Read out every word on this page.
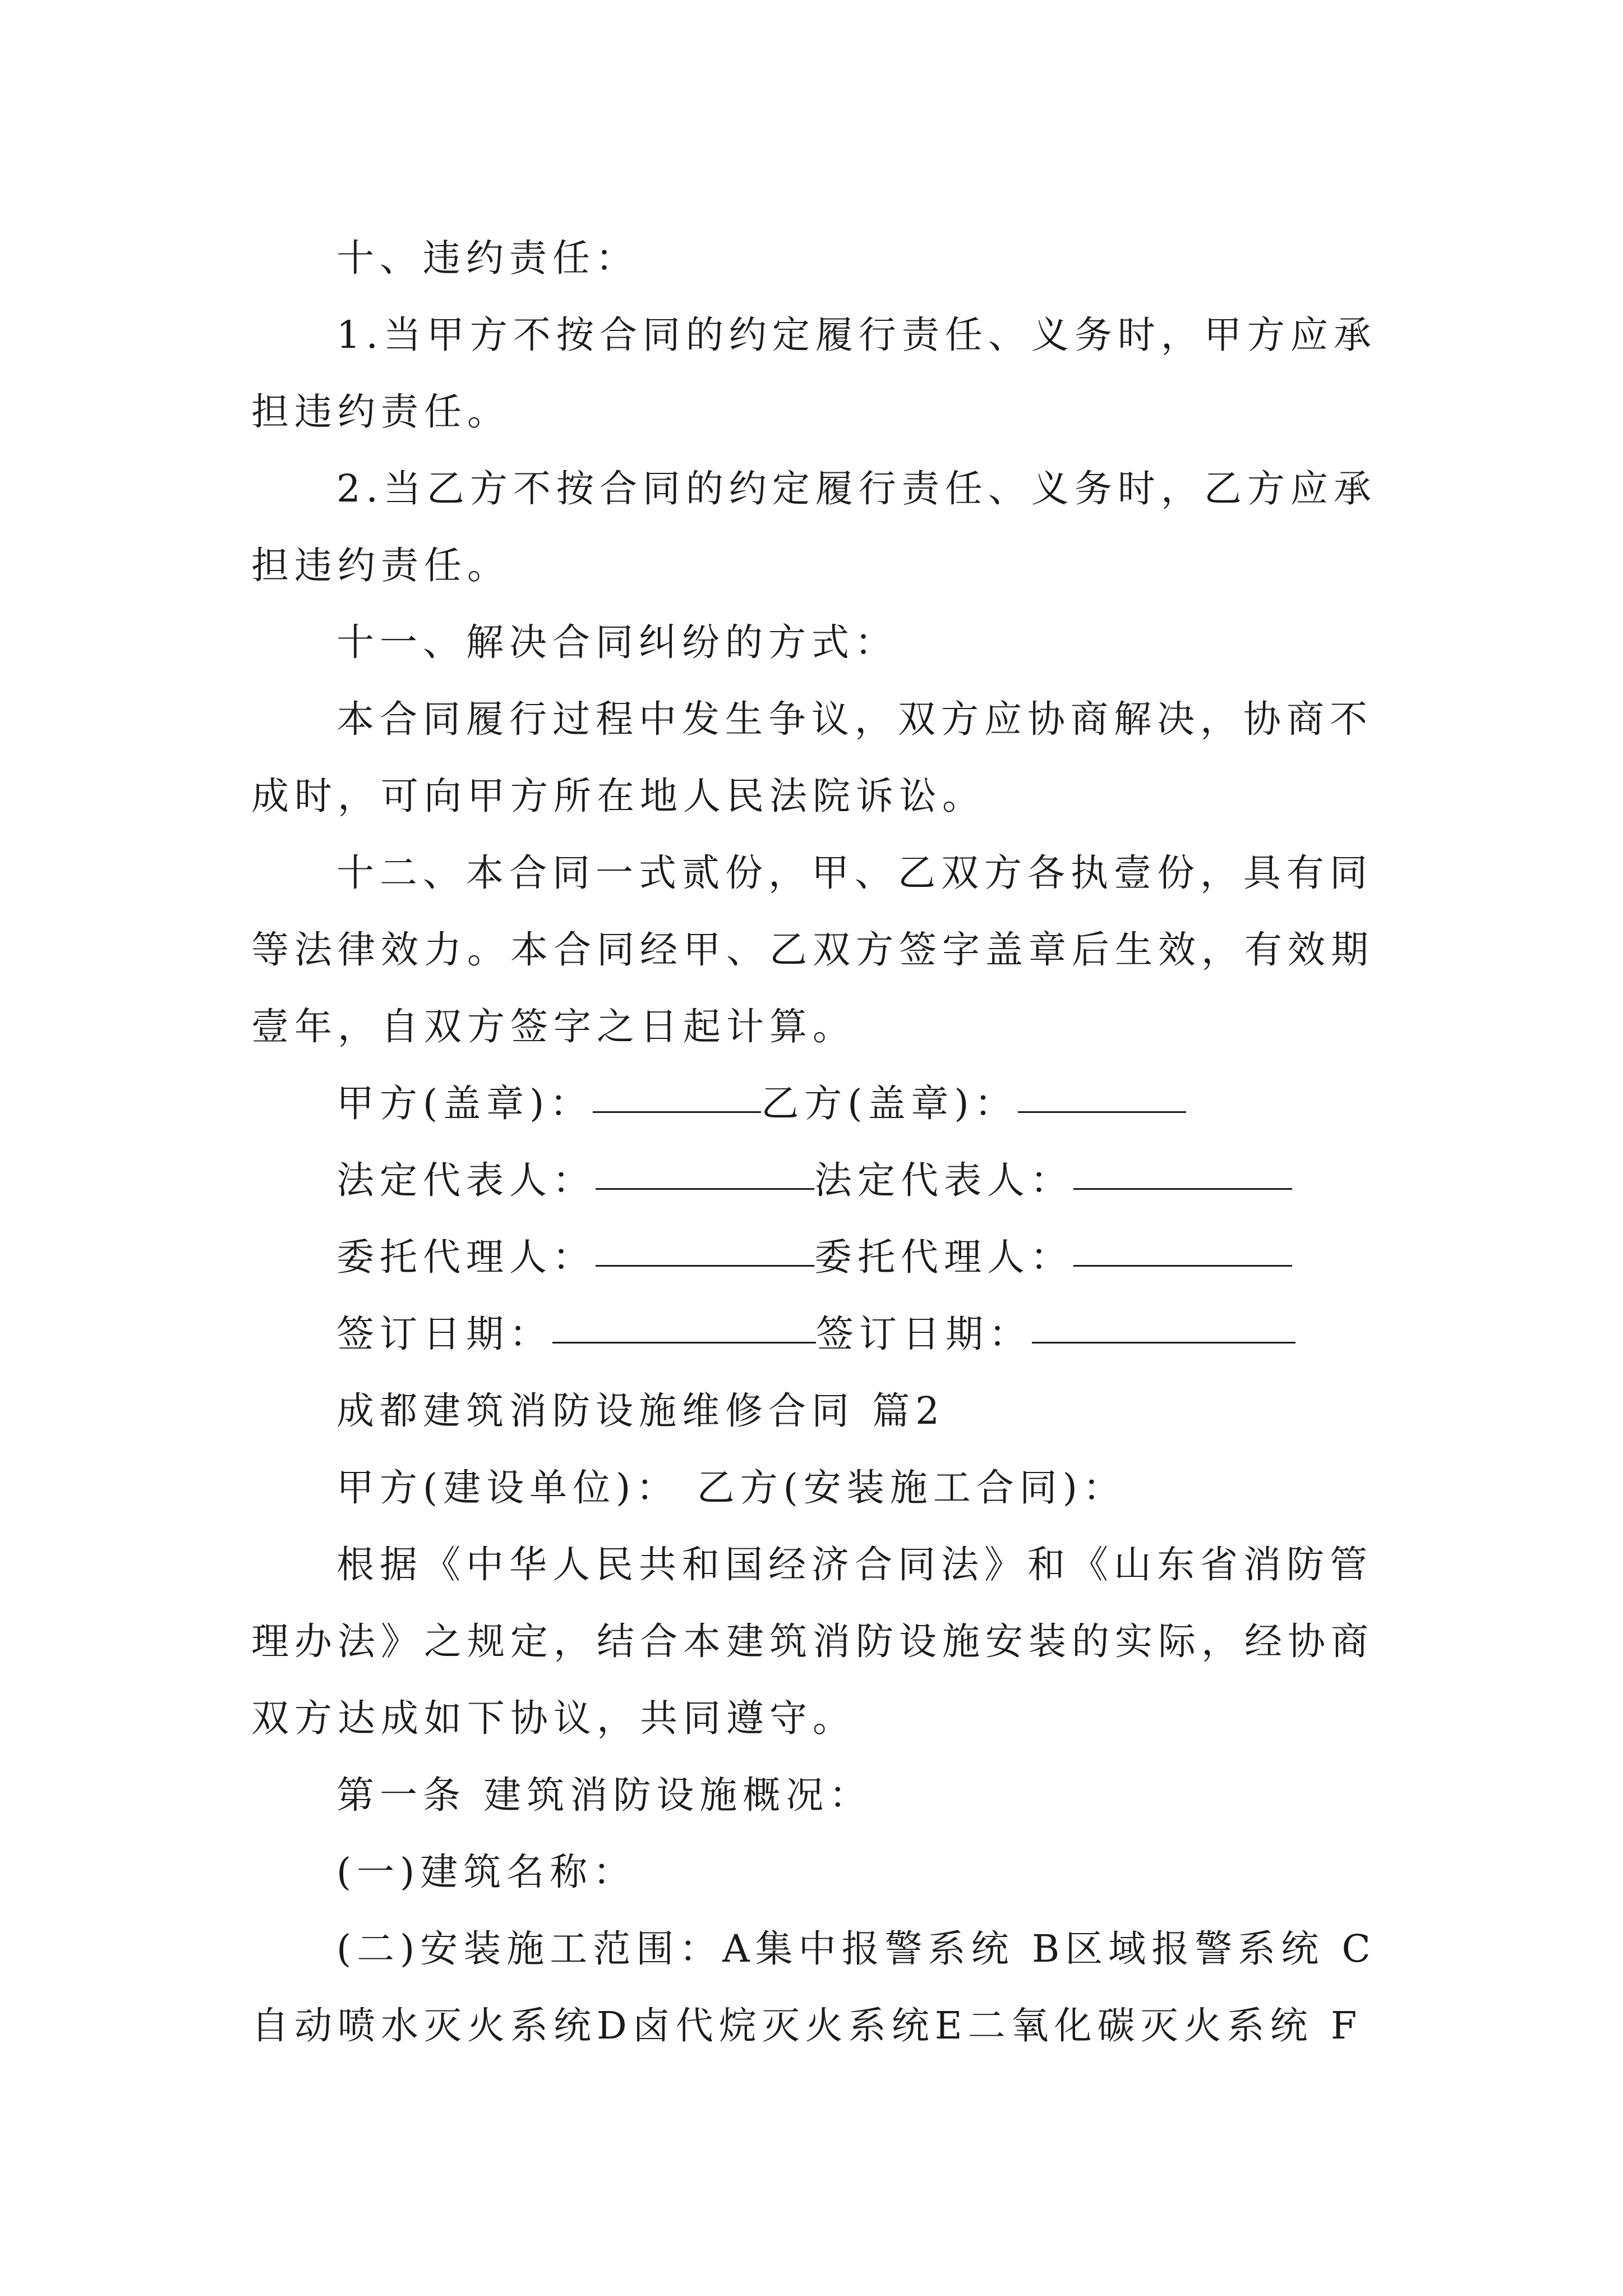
十、违约责任：

1.当甲方不按合同的约定履行责任、义务时，甲方应承

担违约责任。

2.当乙方不按合同的约定履行责任、义务时，乙方应承

担违约责任。

十一、解决合同纠纷的方式：

本合同履行过程中发生争议，双方应协商解决，协商不

成时，可向甲方所在地人民法院诉讼。

十二、本合同一式贰份，甲、乙双方各执壹份，具有同

等法律效力。本合同经甲、乙双方签字盖章后生效，有效期

壹年，自双方签字之日起计算。

甲方(盖章)：	乙方(盖章)：
法定代表人：	法定代表人：
委托代理人：	委托代理人：
签订日期：	签订日期：

成都建筑消防设施维修合同 篇2

甲方(建设单位)： 乙方(安装施工合同)：

根据《中华人民共和国经济合同法》和《山东省消防管

理办法》之规定，结合本建筑消防设施安装的实际，经协商

双方达成如下协议，共同遵守。

第一条 建筑消防设施概况：

(一)建筑名称：

(二)安装施工范围：A集中报警系统 B区域报警系统 C

自动喷水灭火系统D卤代烷灭火系统E二氧化碳灭火系统 F
